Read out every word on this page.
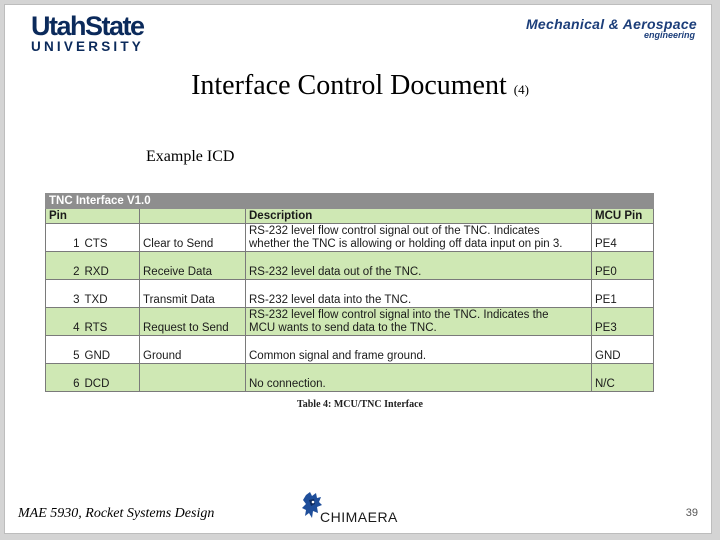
UtahState
UNIVERSITY
Mechanical & Aerospace
engineering
Interface Control Document (4)
Example ICD
TNC Interface V1.0				
Pin			Description	MCU Pin
1	CTS	Clear to Send	RS-232 level flow control signal out of the TNC. Indicates
whether the TNC is allowing or holding off data input on pin 3.	PE4
2	RXD	Receive Data	RS-232 level data out of the TNC.	PE0
3	TXD	Transmit Data	RS-232 level data into the TNC.	PE1
4	RTS	Request to Send	RS-232 level flow control signal into the TNC. Indicates the
MCU wants to send data to the TNC.	PE3
5	GND	Ground	Common signal and frame ground.	GND
6	DCD		No connection.	N/C
Table 4: MCU/TNC Interface
MAE 5930, Rocket Systems Design	CHIMAERA	39
